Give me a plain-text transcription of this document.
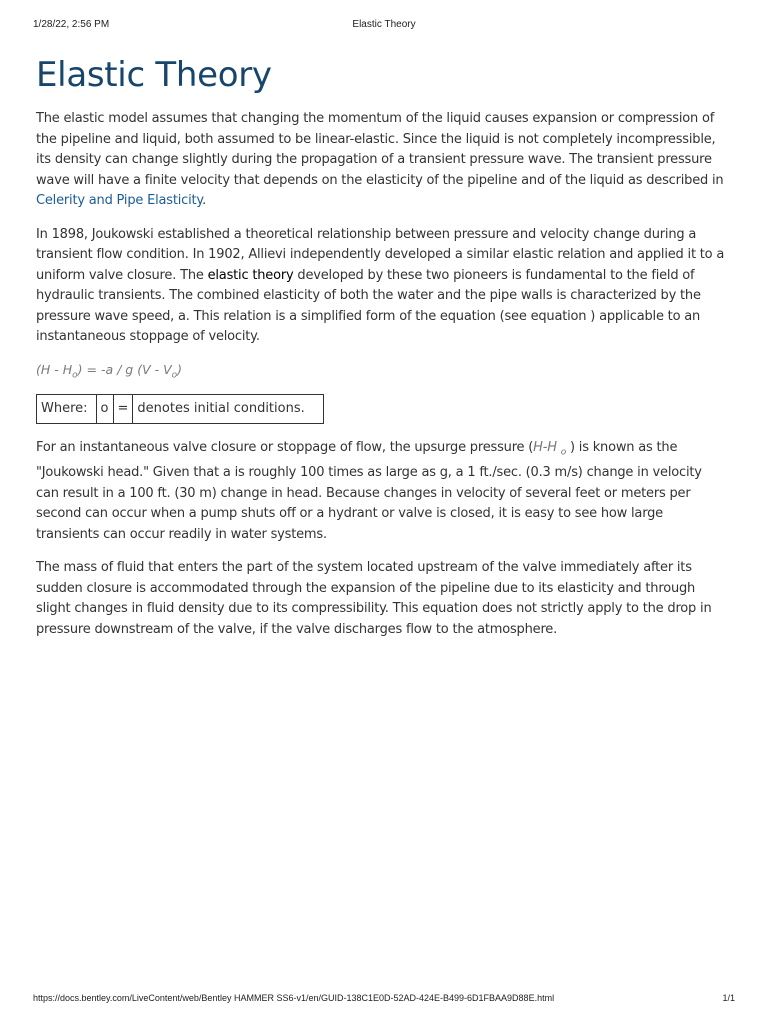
1/28/22, 2:56 PM	Elastic Theory
Elastic Theory

The elastic model assumes that changing the momentum of the liquid causes expansion or compression of the pipeline and liquid, both assumed to be linear-elastic. Since the liquid is not completely incompressible, its density can change slightly during the propagation of a transient pressure wave. The transient pressure wave will have a finite velocity that depends on the elasticity of the pipeline and of the liquid as described in Celerity and Pipe Elasticity.

In 1898, Joukowski established a theoretical relationship between pressure and velocity change during a transient flow condition. In 1902, Allievi independently developed a similar elastic relation and applied it to a uniform valve closure. The elastic theory developed by these two pioneers is fundamental to the field of hydraulic transients. The combined elasticity of both the water and the pipe walls is characterized by the pressure wave speed, a. This relation is a simplified form of the equation (see equation ) applicable to an instantaneous stoppage of velocity.

$(H - H_o) = -a / g$ $(V - V_o)$
Where:	o	=	denotes initial conditions.

For an instantaneous valve closure or stoppage of flow, the upsurge pressure (H-H $_o$ ) is known as the "Joukowski head." Given that a is roughly 100 times as large as g, a 1 ft./sec. (0.3 m/s) change in velocity can result in a 100 ft. (30 m) change in head. Because changes in velocity of several feet or meters per second can occur when a pump shuts off or a hydrant or valve is closed, it is easy to see how large transients can occur readily in water systems.

The mass of fluid that enters the part of the system located upstream of the valve immediately after its sudden closure is accommodated through the expansion of the pipeline due to its elasticity and through slight changes in fluid density due to its compressibility. This equation does not strictly apply to the drop in pressure downstream of the valve, if the valve discharges flow to the atmosphere.

https://docs.bentley.com/LiveContent/web/Bentley HAMMER SS6-v1/en/GUID-138C1E0D-52AD-424E-B499-6D1FBAA9D88E.html	1/1
